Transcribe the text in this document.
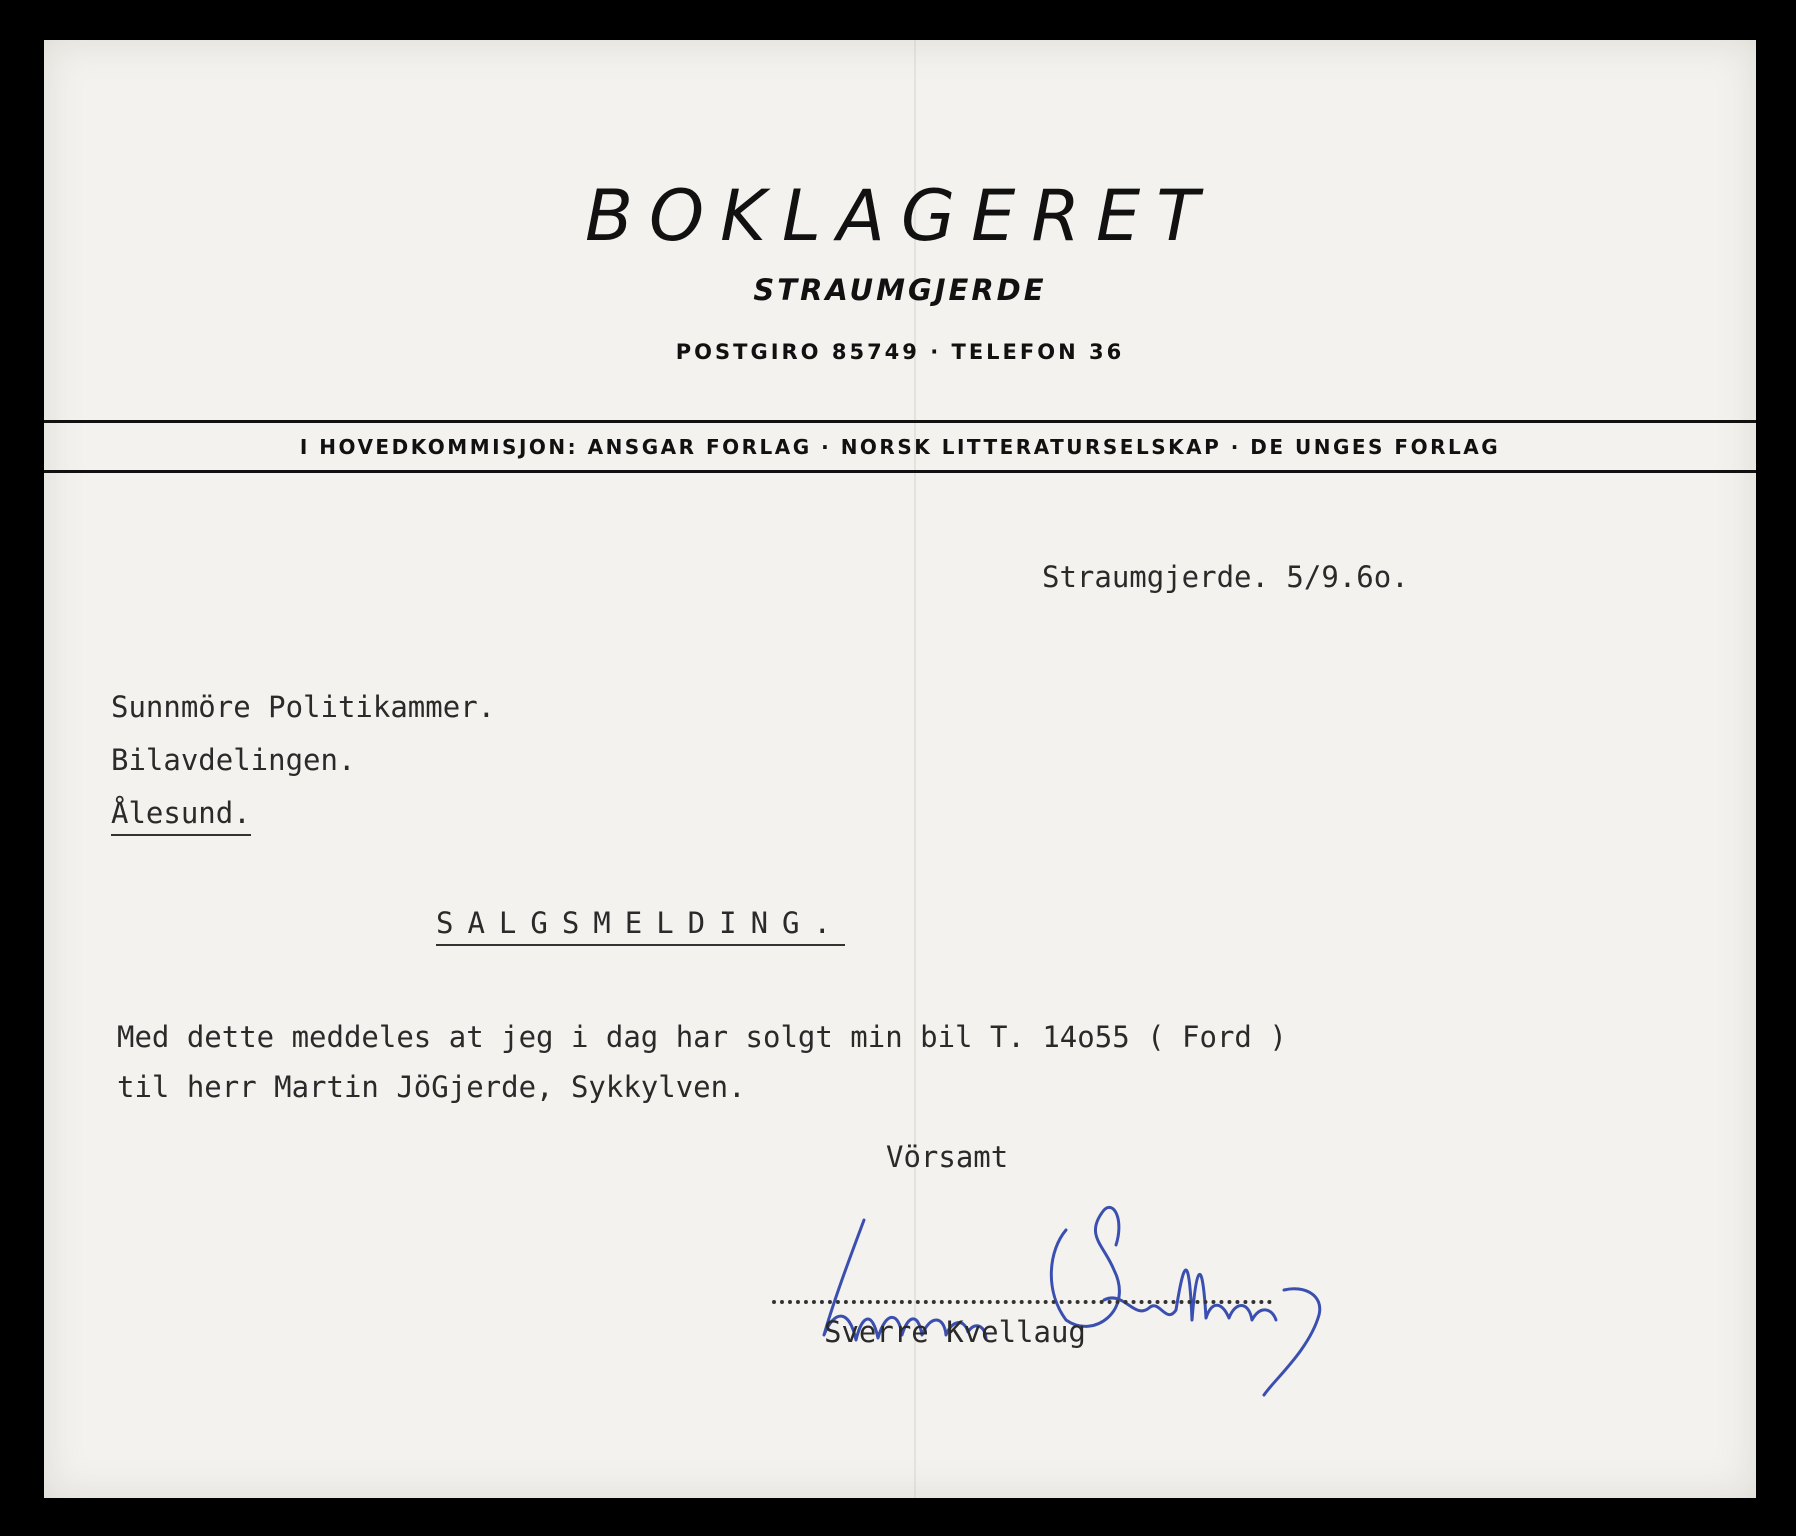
BOKLAGERET
STRAUMGJERDE
POSTGIRO 85749 · TELEFON 36
I HOVEDKOMMISJON: ANSGAR FORLAG · NORSK LITTERATURSELSKAP · DE UNGES FORLAG
Straumgjerde. 5/9.6o.
Sunnmöre Politikammer.
Bilavdelingen.
Ålesund.
SALGSMELDING.
Med dette meddeles at jeg i dag har solgt min bil T. 14o55 ( Ford )
til herr Martin JöGjerde, Sykkylven.
Vörsamt
Sverre Kvellaug
